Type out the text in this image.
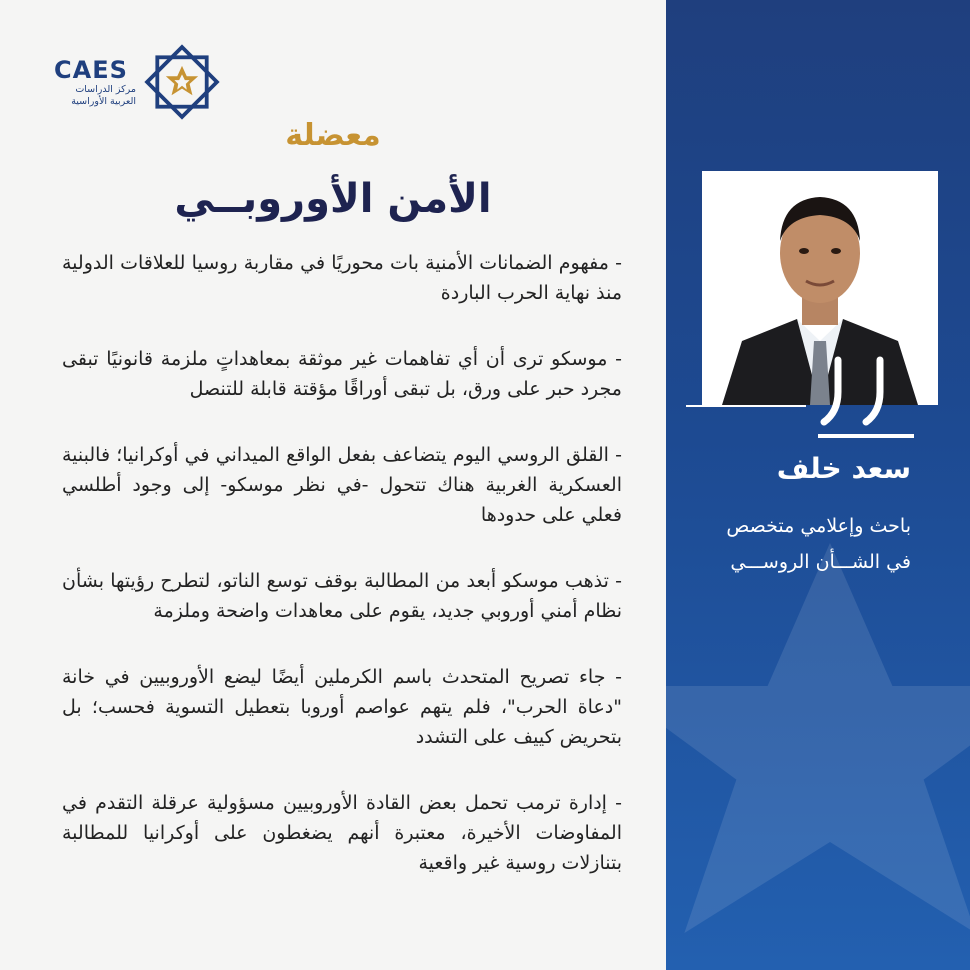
CAES
مركز الدراسات
العربية الأوراسية
معضلة
الأمن الأوروبــي

- مفهوم الضمانات الأمنية بات محوريًا في مقاربة روسيا للعلاقات الدولية منذ نهاية الحرب الباردة

- موسكو ترى أن أي تفاهمات غير موثقة بمعاهداتٍ ملزمة قانونيًا تبقى مجرد حبر على ورق، بل تبقى أوراقًا مؤقتة قابلة للتنصل

- القلق الروسي اليوم يتضاعف بفعل الواقع الميداني في أوكرانيا؛ فالبنية العسكرية الغربية هناك تتحول -في نظر موسكو- إلى وجود أطلسي فعلي على حدودها

- تذهب موسكو أبعد من المطالبة بوقف توسع الناتو، لتطرح رؤيتها بشأن نظام أمني أوروبي جديد، يقوم على معاهدات واضحة وملزمة

- جاء تصريح المتحدث باسم الكرملين أيضًا ليضع الأوروبيين في خانة "دعاة الحرب"، فلم يتهم عواصم أوروبا بتعطيل التسوية فحسب؛ بل بتحريض كييف على التشدد

- إدارة ترمب تحمل بعض القادة الأوروبيين مسؤولية عرقلة التقدم في المفاوضات الأخيرة، معتبرة أنهم يضغطون على أوكرانيا للمطالبة بتنازلات روسية غير واقعية

سعد خلف
باحث وإعلامي متخصص
في الشـــأن الروســـي
